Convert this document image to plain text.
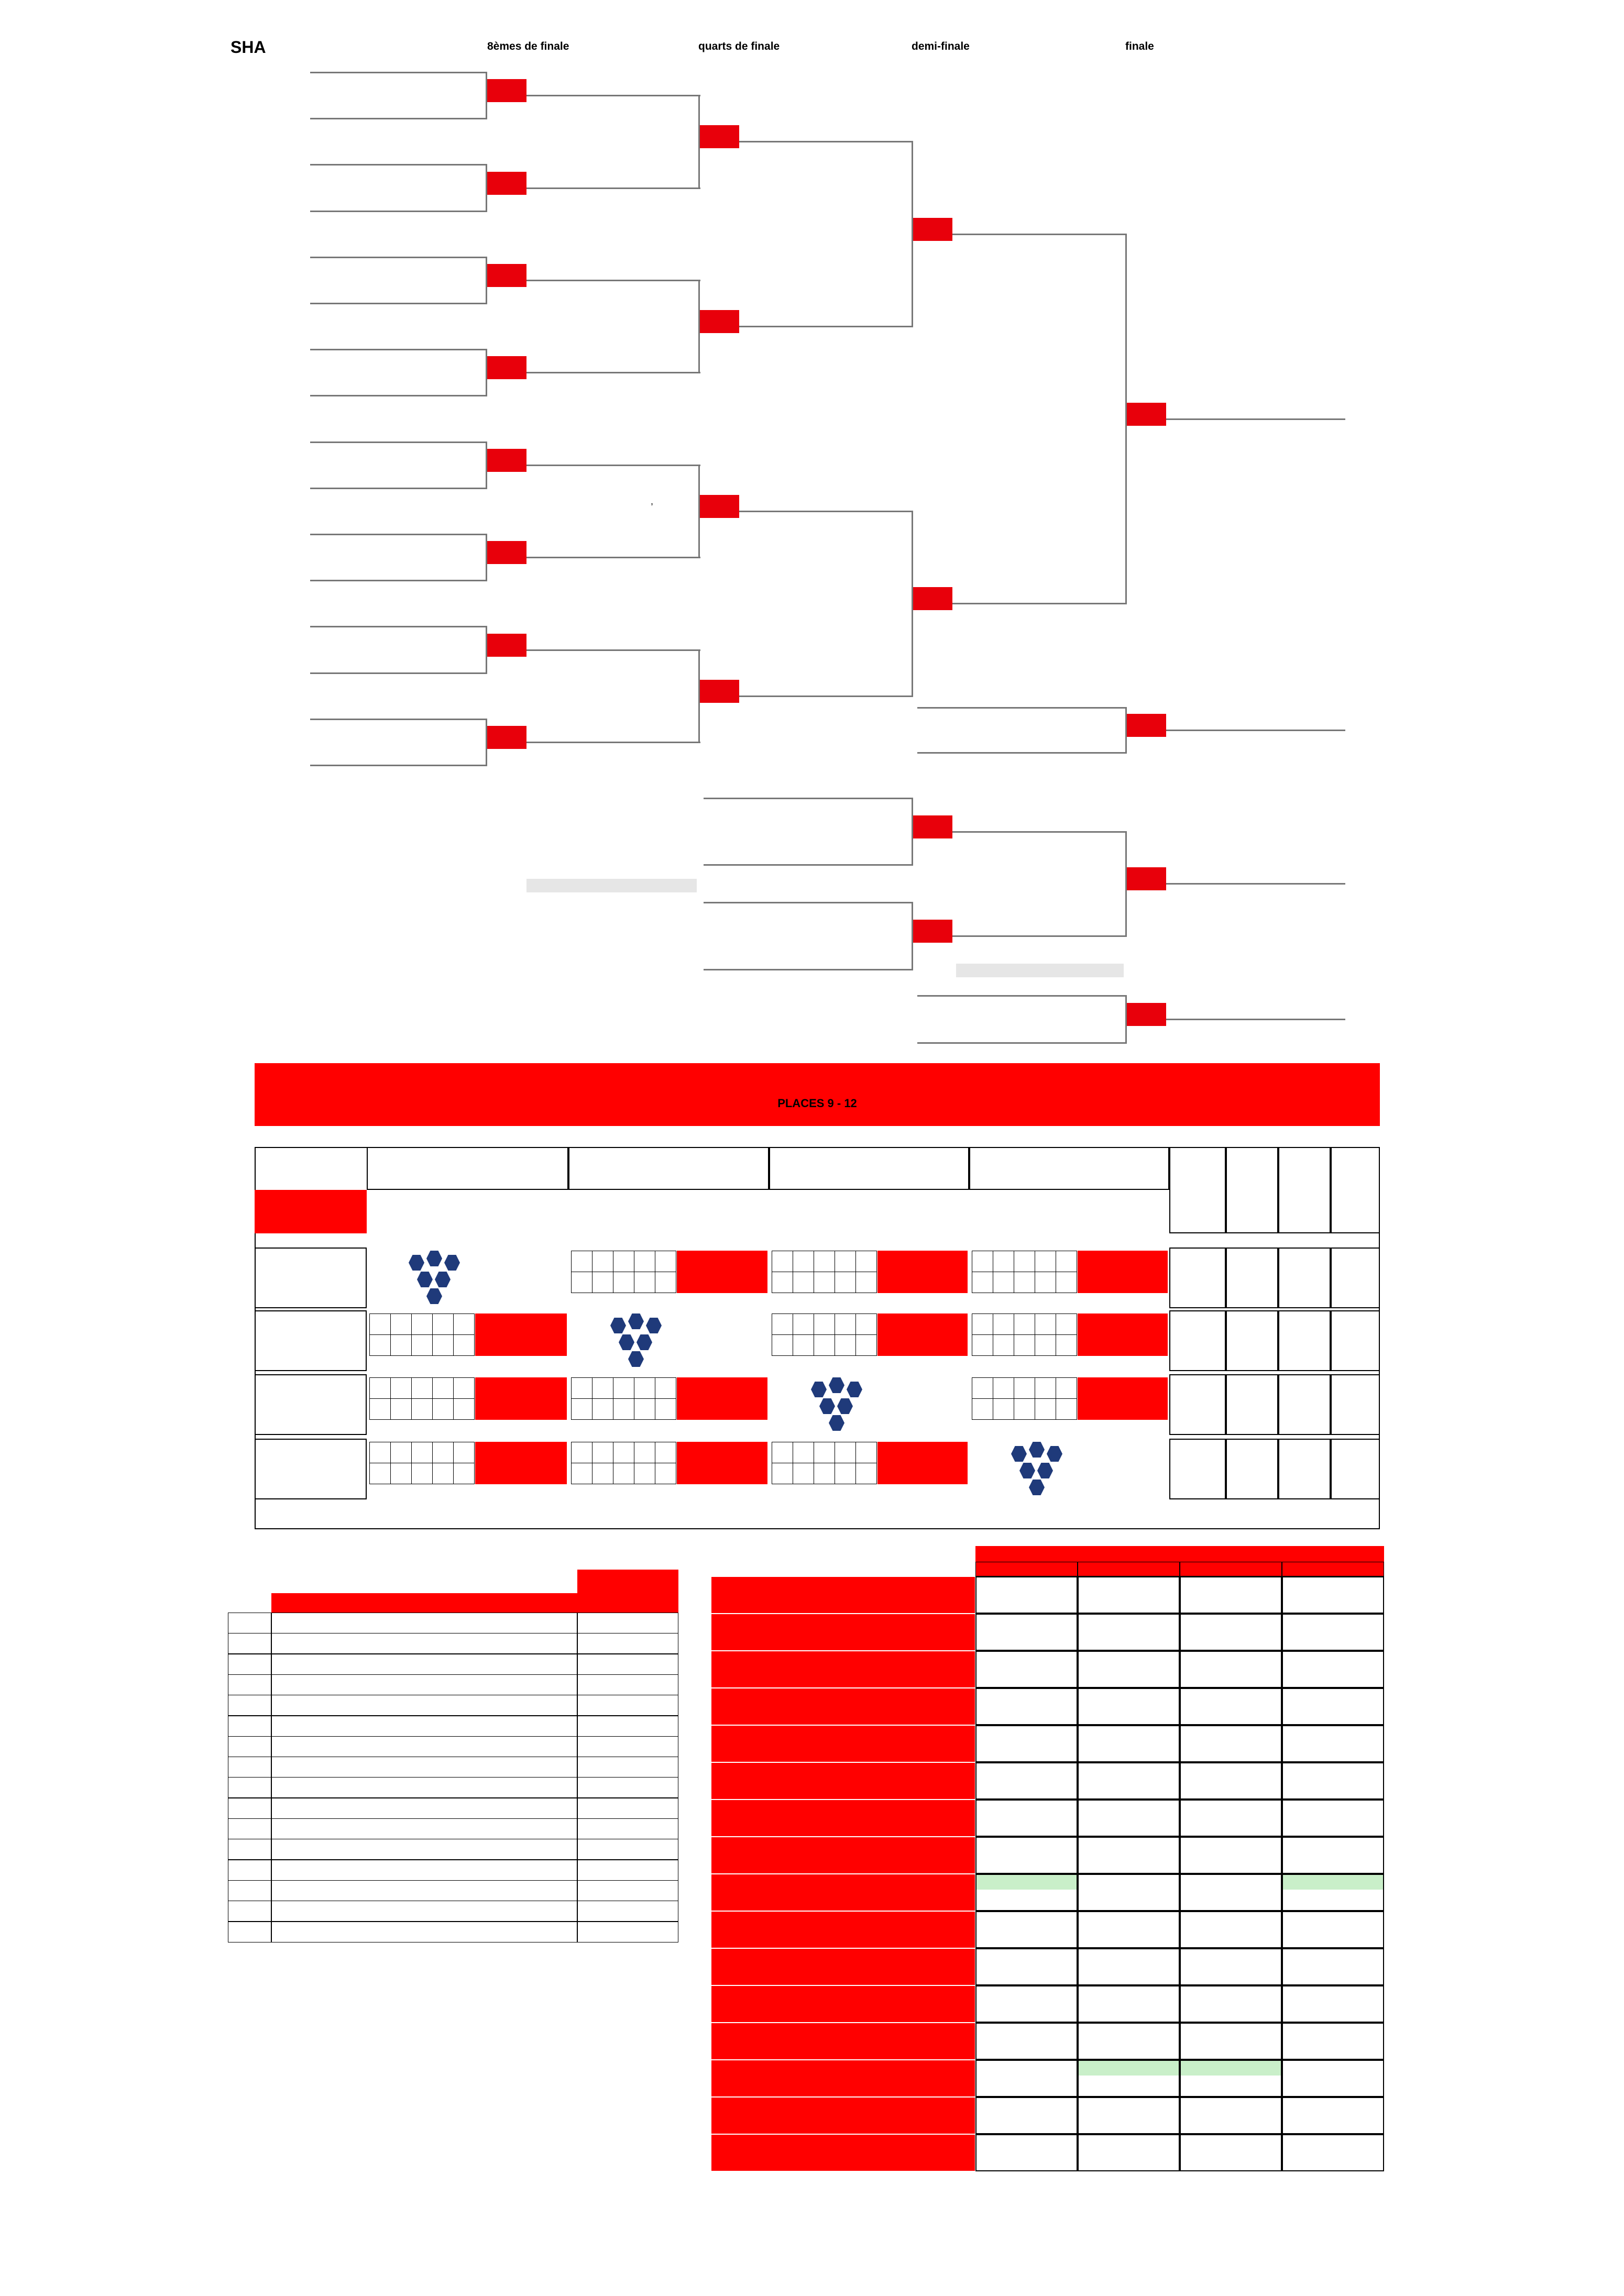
SHA	8èmes de finale	quarts de finale	demi-finale	finale
,
PLACES 9 - 12
